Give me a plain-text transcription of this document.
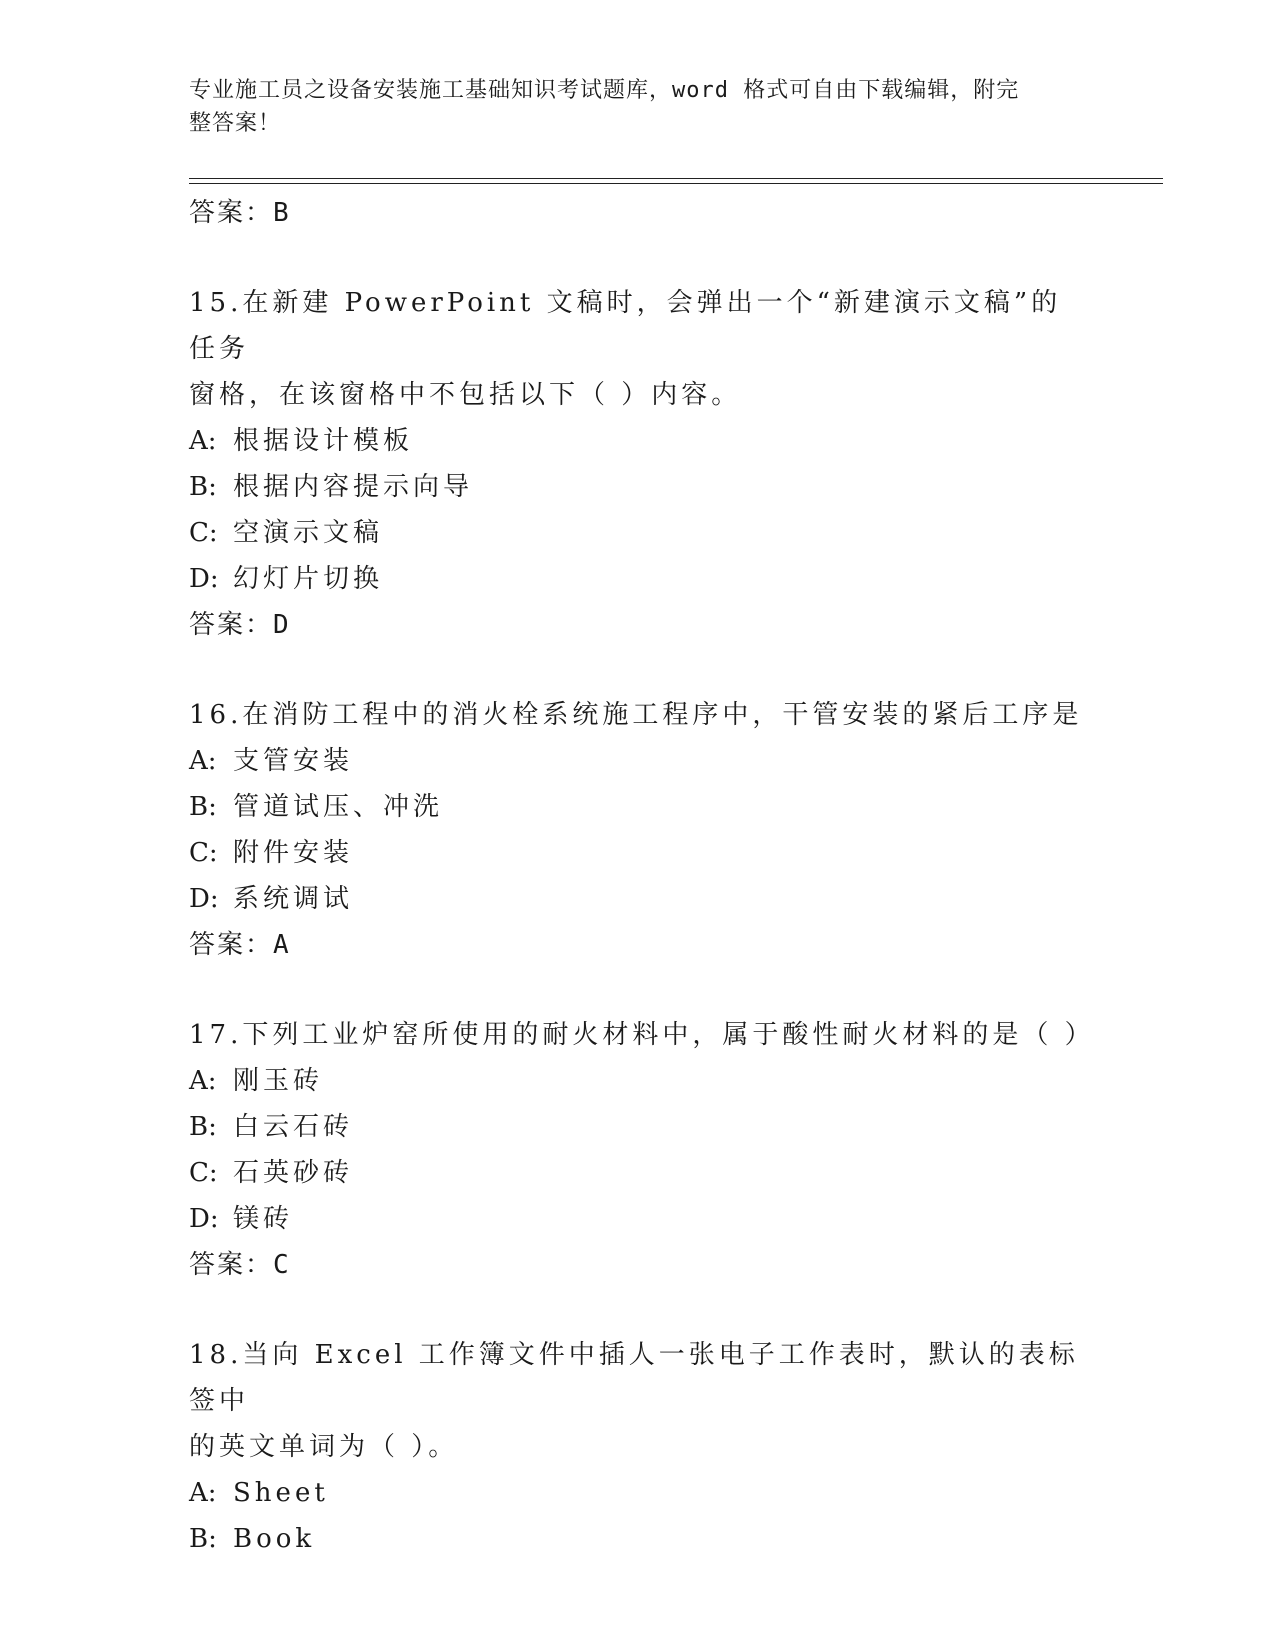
专业施工员之设备安装施工基础知识考试题库，word 格式可自由下载编辑，附完
整答案！
答案：B
15.在新建 PowerPoint 文稿时，会弹出一个“新建演示文稿”的任务
窗格，在该窗格中不包括以下（ ）内容。
A: 根据设计模板
B: 根据内容提示向导
C: 空演示文稿
D: 幻灯片切换
答案：D
16.在消防工程中的消火栓系统施工程序中，干管安装的紧后工序是
A: 支管安装
B: 管道试压、冲洗
C: 附件安装
D: 系统调试
答案：A
17.下列工业炉窑所使用的耐火材料中，属于酸性耐火材料的是（ ）
A: 刚玉砖
B: 白云石砖
C: 石英砂砖
D: 镁砖
答案：C
18.当向 Excel 工作簿文件中插人一张电子工作表时，默认的表标签中
的英文单词为（ ）。
A: Sheet
B: Book
